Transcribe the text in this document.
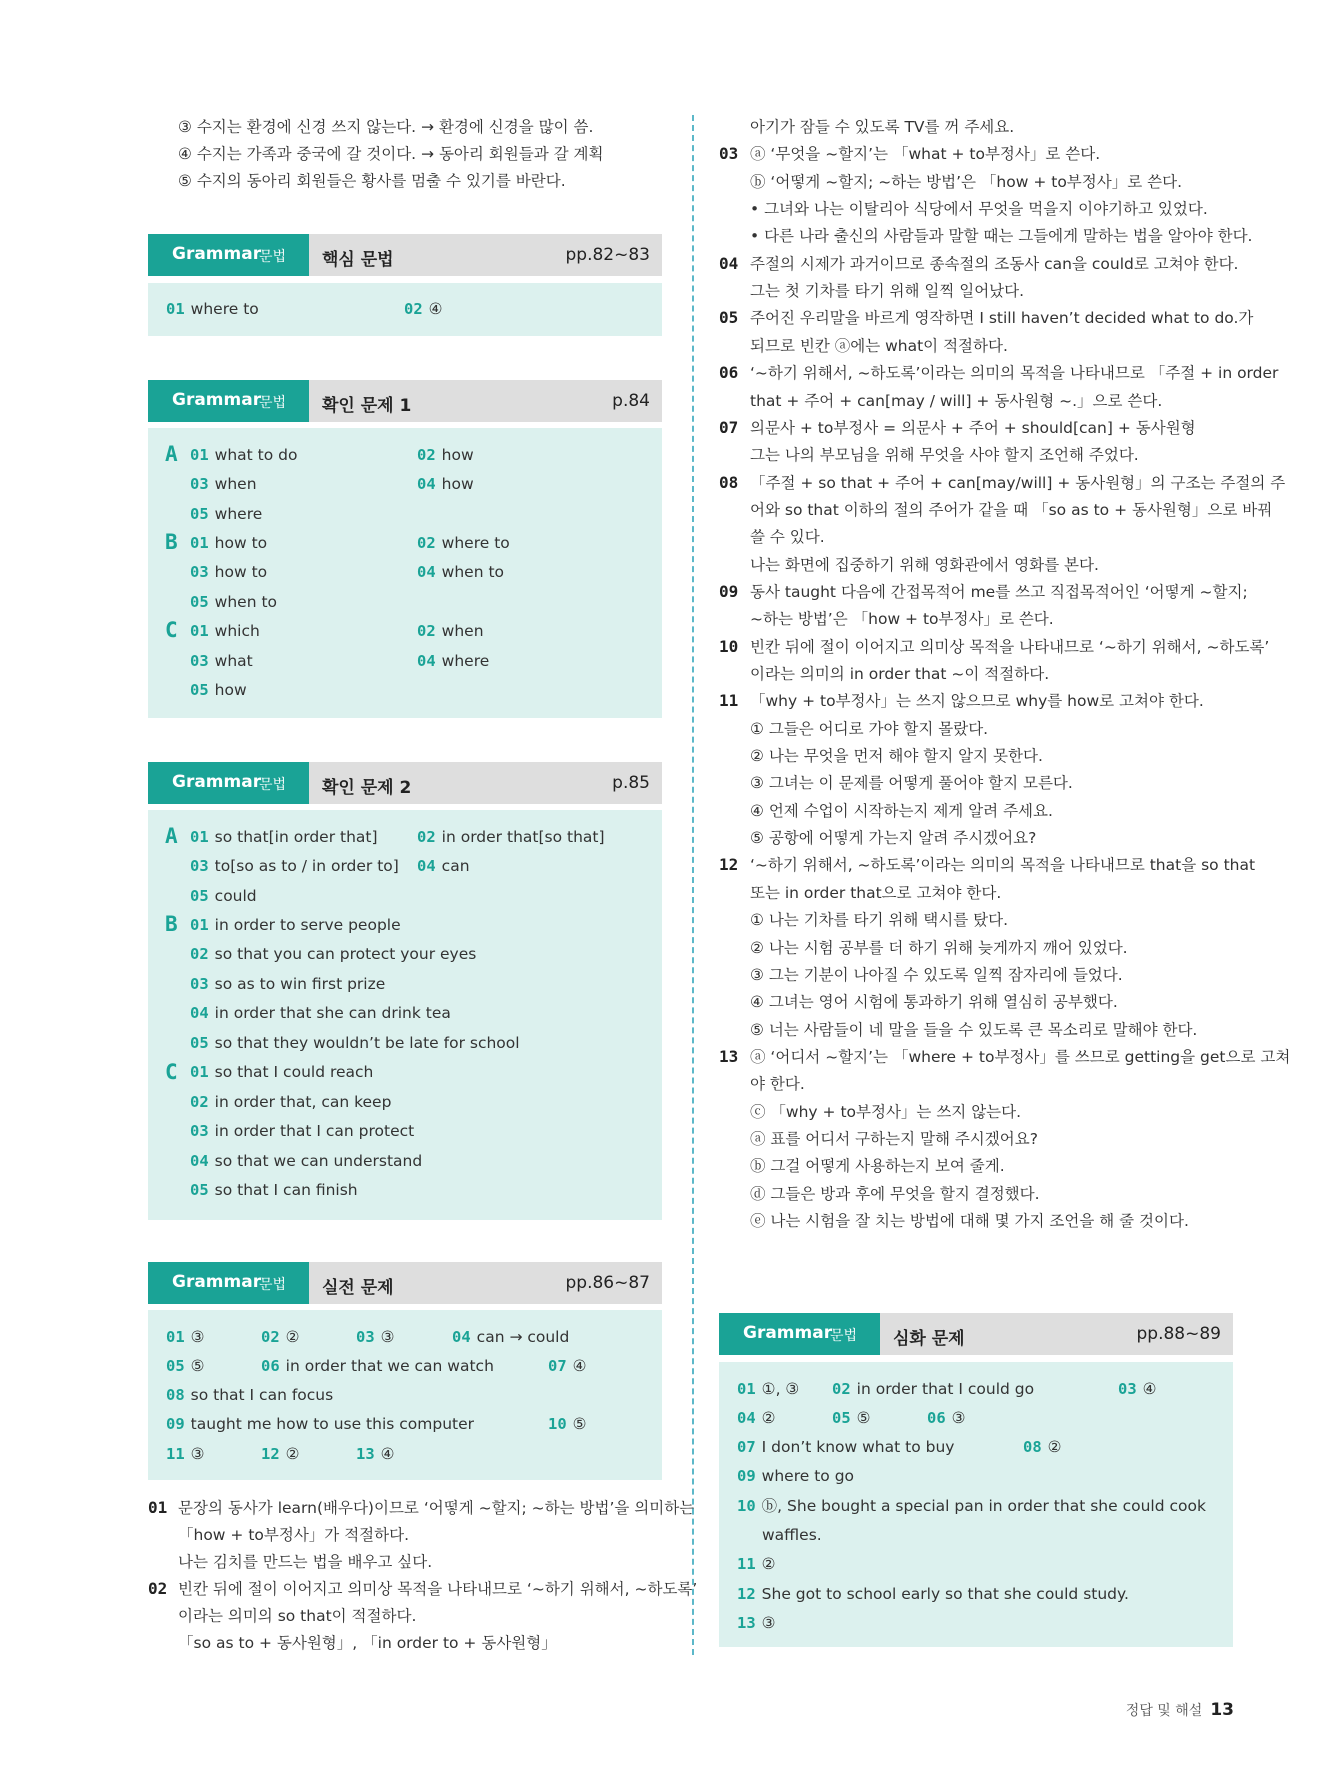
③ 수지는 환경에 신경 쓰지 않는다. → 환경에 신경을 많이 씀.
④ 수지는 가족과 중국에 갈 것이다. → 동아리 회원들과 갈 계획
⑤ 수지의 동아리 회원들은 황사를 멈출 수 있기를 바란다.
Grammar
문법 핵심 문법	pp.82~83
01 where to	02 ④
Grammar
문법 확인 문제 1	p.84
A
B
C
01 what to do	02 how
03 when	04 how
05 where
01 how to	02 where to
03 how to	04 when to
05 when to
01 which	02 when
03 what	04 where
05 how
Grammar
문법 확인 문제 2	p.85
A
B
C
01 so that[in order that]	02 in order that[so that]
03 to[so as to / in order to] 04 can
05 could
01 in order to serve people
02 so that you can protect your eyes
03 so as to win first prize
04 in order that she can drink tea
05 so that they wouldn’t be late for school
01 so that I could reach
02 in order that, can keep
03 in order that I can protect
04 so that we can understand
05 so that I can finish
Grammar
문법 실전 문제	pp.86~87
01 ③	02 ②	03 ③	04 can → could
05 ⑤	06 in order that we can watch	07 ④
08 so that I can focus
09 taught me how to use this computer	10 ⑤
11 ③	12 ②	13 ④
01 문장의 동사가 learn(배우다)이므로 ‘어떻게 ~할지; ~하는 방법’을 의미하는
「how + to부정사」가 적절하다.
나는 김치를 만드는 법을 배우고 싶다.
02 빈칸 뒤에 절이 이어지고 의미상 목적을 나타내므로 ‘~하기 위해서, ~하도록’
이라는 의미의 so that이 적절하다.
「so as to + 동사원형」, 「in order to + 동사원형」
아기가 잠들 수 있도록 TV를 꺼 주세요.
03 ⓐ ‘무엇을 ~할지’는 「what + to부정사」로 쓴다.
ⓑ ‘어떻게 ~할지; ~하는 방법’은 「how + to부정사」로 쓴다.
• 그녀와 나는 이탈리아 식당에서 무엇을 먹을지 이야기하고 있었다.
• 다른 나라 출신의 사람들과 말할 때는 그들에게 말하는 법을 알아야 한다.
04 주절의 시제가 과거이므로 종속절의 조동사 can을 could로 고쳐야 한다.
그는 첫 기차를 타기 위해 일찍 일어났다.
05 주어진 우리말을 바르게 영작하면 I still haven’t decided what to do.가
되므로 빈칸 ⓐ에는 what이 적절하다.
06 ‘~하기 위해서, ~하도록’이라는 의미의 목적을 나타내므로 「주절 + in order
that + 주어 + can[may / will] + 동사원형 ~.」으로 쓴다.
07 의문사 + to부정사 = 의문사 + 주어 + should[can] + 동사원형
그는 나의 부모님을 위해 무엇을 사야 할지 조언해 주었다.
08 「주절 + so that + 주어 + can[may/will] + 동사원형」의 구조는 주절의 주
어와 so that 이하의 절의 주어가 같을 때 「so as to + 동사원형」으로 바꿔
쓸 수 있다.
나는 화면에 집중하기 위해 영화관에서 영화를 본다.
09 동사 taught 다음에 간접목적어 me를 쓰고 직접목적어인 ‘어떻게 ~할지;
~하는 방법’은 「how + to부정사」로 쓴다.
10 빈칸 뒤에 절이 이어지고 의미상 목적을 나타내므로 ‘~하기 위해서, ~하도록’
이라는 의미의 in order that ~이 적절하다.
11 「why + to부정사」는 쓰지 않으므로 why를 how로 고쳐야 한다.
① 그들은 어디로 가야 할지 몰랐다.
② 나는 무엇을 먼저 해야 할지 알지 못한다.
③ 그녀는 이 문제를 어떻게 풀어야 할지 모른다.
④ 언제 수업이 시작하는지 제게 알려 주세요.
⑤ 공항에 어떻게 가는지 알려 주시겠어요?
12 ‘~하기 위해서, ~하도록’이라는 의미의 목적을 나타내므로 that을 so that
또는 in order that으로 고쳐야 한다.
① 나는 기차를 타기 위해 택시를 탔다.
② 나는 시험 공부를 더 하기 위해 늦게까지 깨어 있었다.
③ 그는 기분이 나아질 수 있도록 일찍 잠자리에 들었다.
④ 그녀는 영어 시험에 통과하기 위해 열심히 공부했다.
⑤ 너는 사람들이 네 말을 들을 수 있도록 큰 목소리로 말해야 한다.
13 ⓐ ‘어디서 ~할지’는 「where + to부정사」를 쓰므로 getting을 get으로 고쳐
야 한다.
ⓒ 「why + to부정사」는 쓰지 않는다.
ⓐ 표를 어디서 구하는지 말해 주시겠어요?
ⓑ 그걸 어떻게 사용하는지 보여 줄게.
ⓓ 그들은 방과 후에 무엇을 할지 결정했다.
ⓔ 나는 시험을 잘 치는 방법에 대해 몇 가지 조언을 해 줄 것이다.
Grammar
문법 심화 문제	pp.88~89
01 ①, ③ 02 in order that I could go	03 ④
04 ②	05 ⑤	06 ③
07 I don’t know what to buy	08 ②
09 where to go
10 ⓑ, She bought a special pan in order that she could cook
waffles.
11 ②
12 She got to school early so that she could study.
13 ③
정답 및 해설 13
